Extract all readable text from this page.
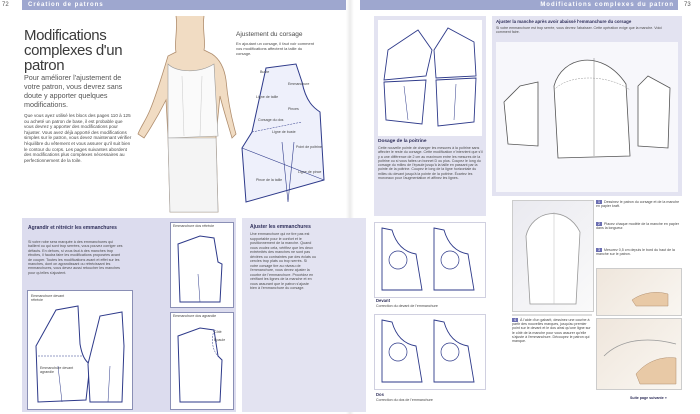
72	Création de patrons	Modifications complexes du patron	73
Modifications complexes d'un patron
Pour améliorer l'ajustement de votre patron, vous devrez sans doute y apporter quelques modifications.
Que vous ayez utilisé les blocs des pages 110 à 125 ou acheté un patron de base, il est probable que vous devrez y apporter des modifications pour l'ajuster. Vous avez déjà apporté des modifications simples sur le patron, vous devez maintenant vérifier l'équilibre du vêtement et vous assurer qu'il suit bien le contour du corps. Les pages suivantes abordent des modifications plus complexes nécessaires au perfectionnement de la toile.
Ajustement du corsage
En ajoutant un corsage, il faut voir comment vos modifications affectent la taille du corsage.
Buste
Emmanchure
Ligne de taille
Pinces
Corsage du dos
Ligne de buste
Point de poitrine
Pince de la taille
Ligne de pince
Dosage de la poitrine
Cette nouvelle pointe de changer les mesures à la poitrine sans affecter le reste du corsage. Cette modification n'intervient que s'il y a une différence de 2 cm au maximum entre les mesures de la poitrine ou si vous faites un bonnet D ou plus. Coupez le long du corsage du milieu de l'épaule jusqu'à la taille en passant par la pointe de la poitrine. Coupez le long de la ligne horizontale du milieu du devant jusqu'à la pointe de la poitrine. Écartez les morceaux pour l'augmentation et affinez les lignes.
Agrandir et rétrécir les emmanchures
Si votre robe sera marquée à des emmanchures qui baillent ou qui sont trop serrées, vous pouvez corriger ces défauts. En dehors, si vous faut à des manches trop étroites, il faudra faire les modifications proposées avant de couper. Toutes les modifications avant et effet sur les manches, dont on agrandissant ou rétrécissant les emmanchures, vous devez aussi retoucher les manches pour qu'elles s'ajustent.
Emmanchure devant rétrécie
Emmanchure devant agrandie
Emmanchure dos rétrécie
Emmanchure dos agrandie
Côté
Épaule
Ajuster les emmanchures
Une emmanchure qui ne tire pas est supportable pour le confort et le positionnement de la manche. Quand vous voulez cela, vérifiez que les deux extrémités des manches ne sont pas déviées ou contraintes par des éclats ou cercles trop plats ou trop serrés. Si votre corsage tire au niveau de l'emmanchure, vous devez ajuster la courbe de l'emmanchure. Procédez en vérifiant les lignes de la manche et en vous assurant que le patron s'ajuste bien à l'emmanchure du corsage.
Devant
Correction du devant de l'emmanchure
Dos
Correction du dos de l'emmanchure
Ajuster la manche après avoir abaissé l'emmanchure du corsage
Si votre emmanchure est trop serrée, vous devrez l'abaisser. Cette opération exige que la manche. Voici comment faire.
1 Dessinez le patron du corsage et de la manche en papier kraft.
2 Placez chaque modèle de la manche en papier dans la longueur.
3 Mesurez 0,5 cm depuis le bord du haut de la manche sur le patron.
4 À l'aide d'un gabarit, dessinez une courbe à partir des nouvelles marques, jusqu'au premier point sur le devant et le dos ainsi qu'une ligne sur le côté de la manche pour vous assurer qu'elle s'ajuste à l'emmanchure. Découpez le patron qui manque.
Suite page suivante »
